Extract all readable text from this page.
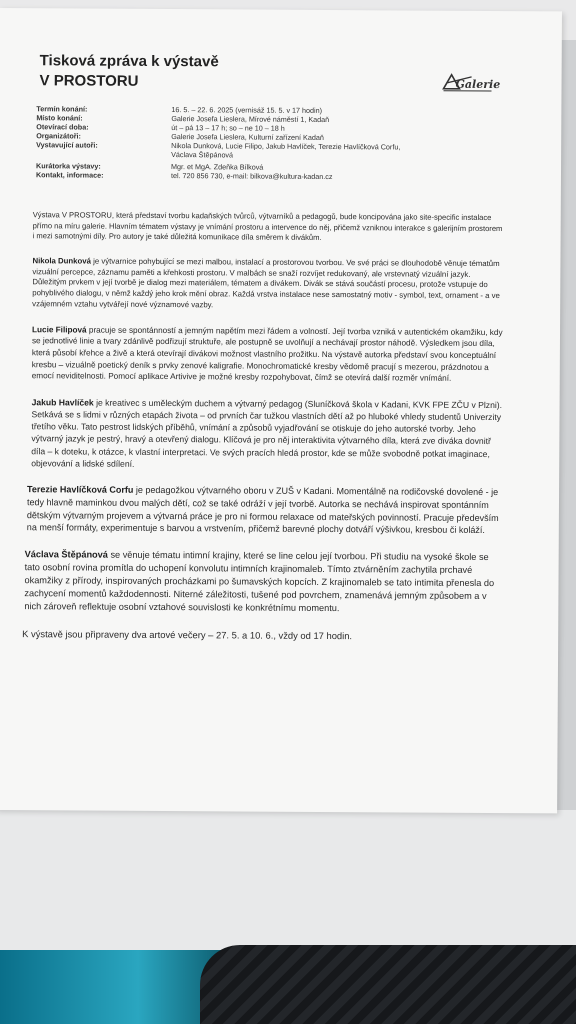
Tisková zpráva k výstavě
V PROSTORU	Galerie
Termín konání:	16. 5. – 22. 6. 2025 (vernisáž 15. 5. v 17 hodin)
Místo konání:	Galerie Josefa Lieslera, Mírové náměstí 1, Kadaň
Otevírací doba:	út – pá 13 – 17 h; so – ne 10 – 18 h
Organizátoři:	Galerie Josefa Lieslera, Kulturní zařízení Kadaň
Vystavující autoři:	Nikola Dunková, Lucie Filipo, Jakub Havlíček, Terezie Havlíčková Corfu,
Václava Štěpánová
Kurátorka výstavy:	Mgr. et MgA. Zdeňka Bílková
Kontakt, informace:	tel. 720 856 730, e-mail: bilkova@kultura-kadan.cz

Výstava V PROSTORU, která představí tvorbu kadaňských tvůrců, výtvarníků a pedagogů, bude koncipována jako site-specific instalace přímo na míru galerie. Hlavním tématem výstavy je vnímání prostoru a intervence do něj, přičemž vzniknou interakce s galerijním prostorem i mezi samotnými díly. Pro autory je také důležitá komunikace díla směrem k divákům.

Nikola Dunková je výtvarnice pohybující se mezi malbou, instalací a prostorovou tvorbou. Ve své práci se dlouhodobě věnuje tématům vizuální percepce, záznamu paměti a křehkosti prostoru. V malbách se snaží rozvíjet redukovaný, ale vrstevnatý vizuální jazyk. Důležitým prvkem v její tvorbě je dialog mezi materiálem, tématem a divákem. Divák se stává součástí procesu, protože vstupuje do pohyblivého dialogu, v němž každý jeho krok mění obraz. Každá vrstva instalace nese samostatný motiv - symbol, text, ornament - a ve vzájemném vztahu vytvářejí nové významové vazby.

Lucie Filipová pracuje se spontánností a jemným napětím mezi řádem a volností. Její tvorba vzniká v autentickém okamžiku, kdy se jednotlivé linie a tvary zdánlivě podřizují struktuře, ale postupně se uvolňují a nechávají prostor náhodě. Výsledkem jsou díla, která působí křehce a živě a která otevírají divákovi možnost vlastního prožitku. Na výstavě autorka představí svou konceptuální kresbu – vizuálně poetický deník s prvky zenové kaligrafie. Monochromatické kresby vědomě pracují s mezerou, prázdnotou a emocí neviditelnosti. Pomocí aplikace Artivive je možné kresby rozpohybovat, čímž se otevírá další rozměr vnímání.

Jakub Havlíček je kreativec s uměleckým duchem a výtvarný pedagog (Sluníčková škola v Kadani, KVK FPE ZČU v Plzni). Setkává se s lidmi v různých etapách života – od prvních čar tužkou vlastních dětí až po hluboké vhledy studentů Univerzity třetího věku. Tato pestrost lidských příběhů, vnímání a způsobů vyjadřování se otiskuje do jeho autorské tvorby. Jeho výtvarný jazyk je pestrý, hravý a otevřený dialogu. Klíčová je pro něj interaktivita výtvarného díla, která zve diváka dovnitř díla – k doteku, k otázce, k vlastní interpretaci. Ve svých pracích hledá prostor, kde se může svobodně potkat imaginace, objevování a lidské sdílení.

Terezie Havlíčková Corfu je pedagožkou výtvarného oboru v ZUŠ v Kadani. Momentálně na rodičovské dovolené - je tedy hlavně maminkou dvou malých dětí, což se také odráží v její tvorbě. Autorka se nechává inspirovat spontánním dětským výtvarným projevem a výtvarná práce je pro ni formou relaxace od mateřských povinností. Pracuje především na menší formáty, experimentuje s barvou a vrstvením, přičemž barevné plochy dotváří výšivkou, kresbou či koláží.

Václava Štěpánová se věnuje tématu intimní krajiny, které se line celou její tvorbou. Při studiu na vysoké škole se tato osobní rovina promítla do uchopení konvolutu intimních krajinomaleb. Tímto ztvárněním zachytila prchavé okamžiky z přírody, inspirovaných procházkami po šumavských kopcích. Z krajinomaleb se tato intimita přenesla do zachycení momentů každodennosti. Niterné záležitosti, tušené pod povrchem, znamenává jemným způsobem a v nich zároveň reflektuje osobní vztahové souvislosti ke konkrétnímu momentu.

K výstavě jsou připraveny dva artové večery – 27. 5. a 10. 6., vždy od 17 hodin.
